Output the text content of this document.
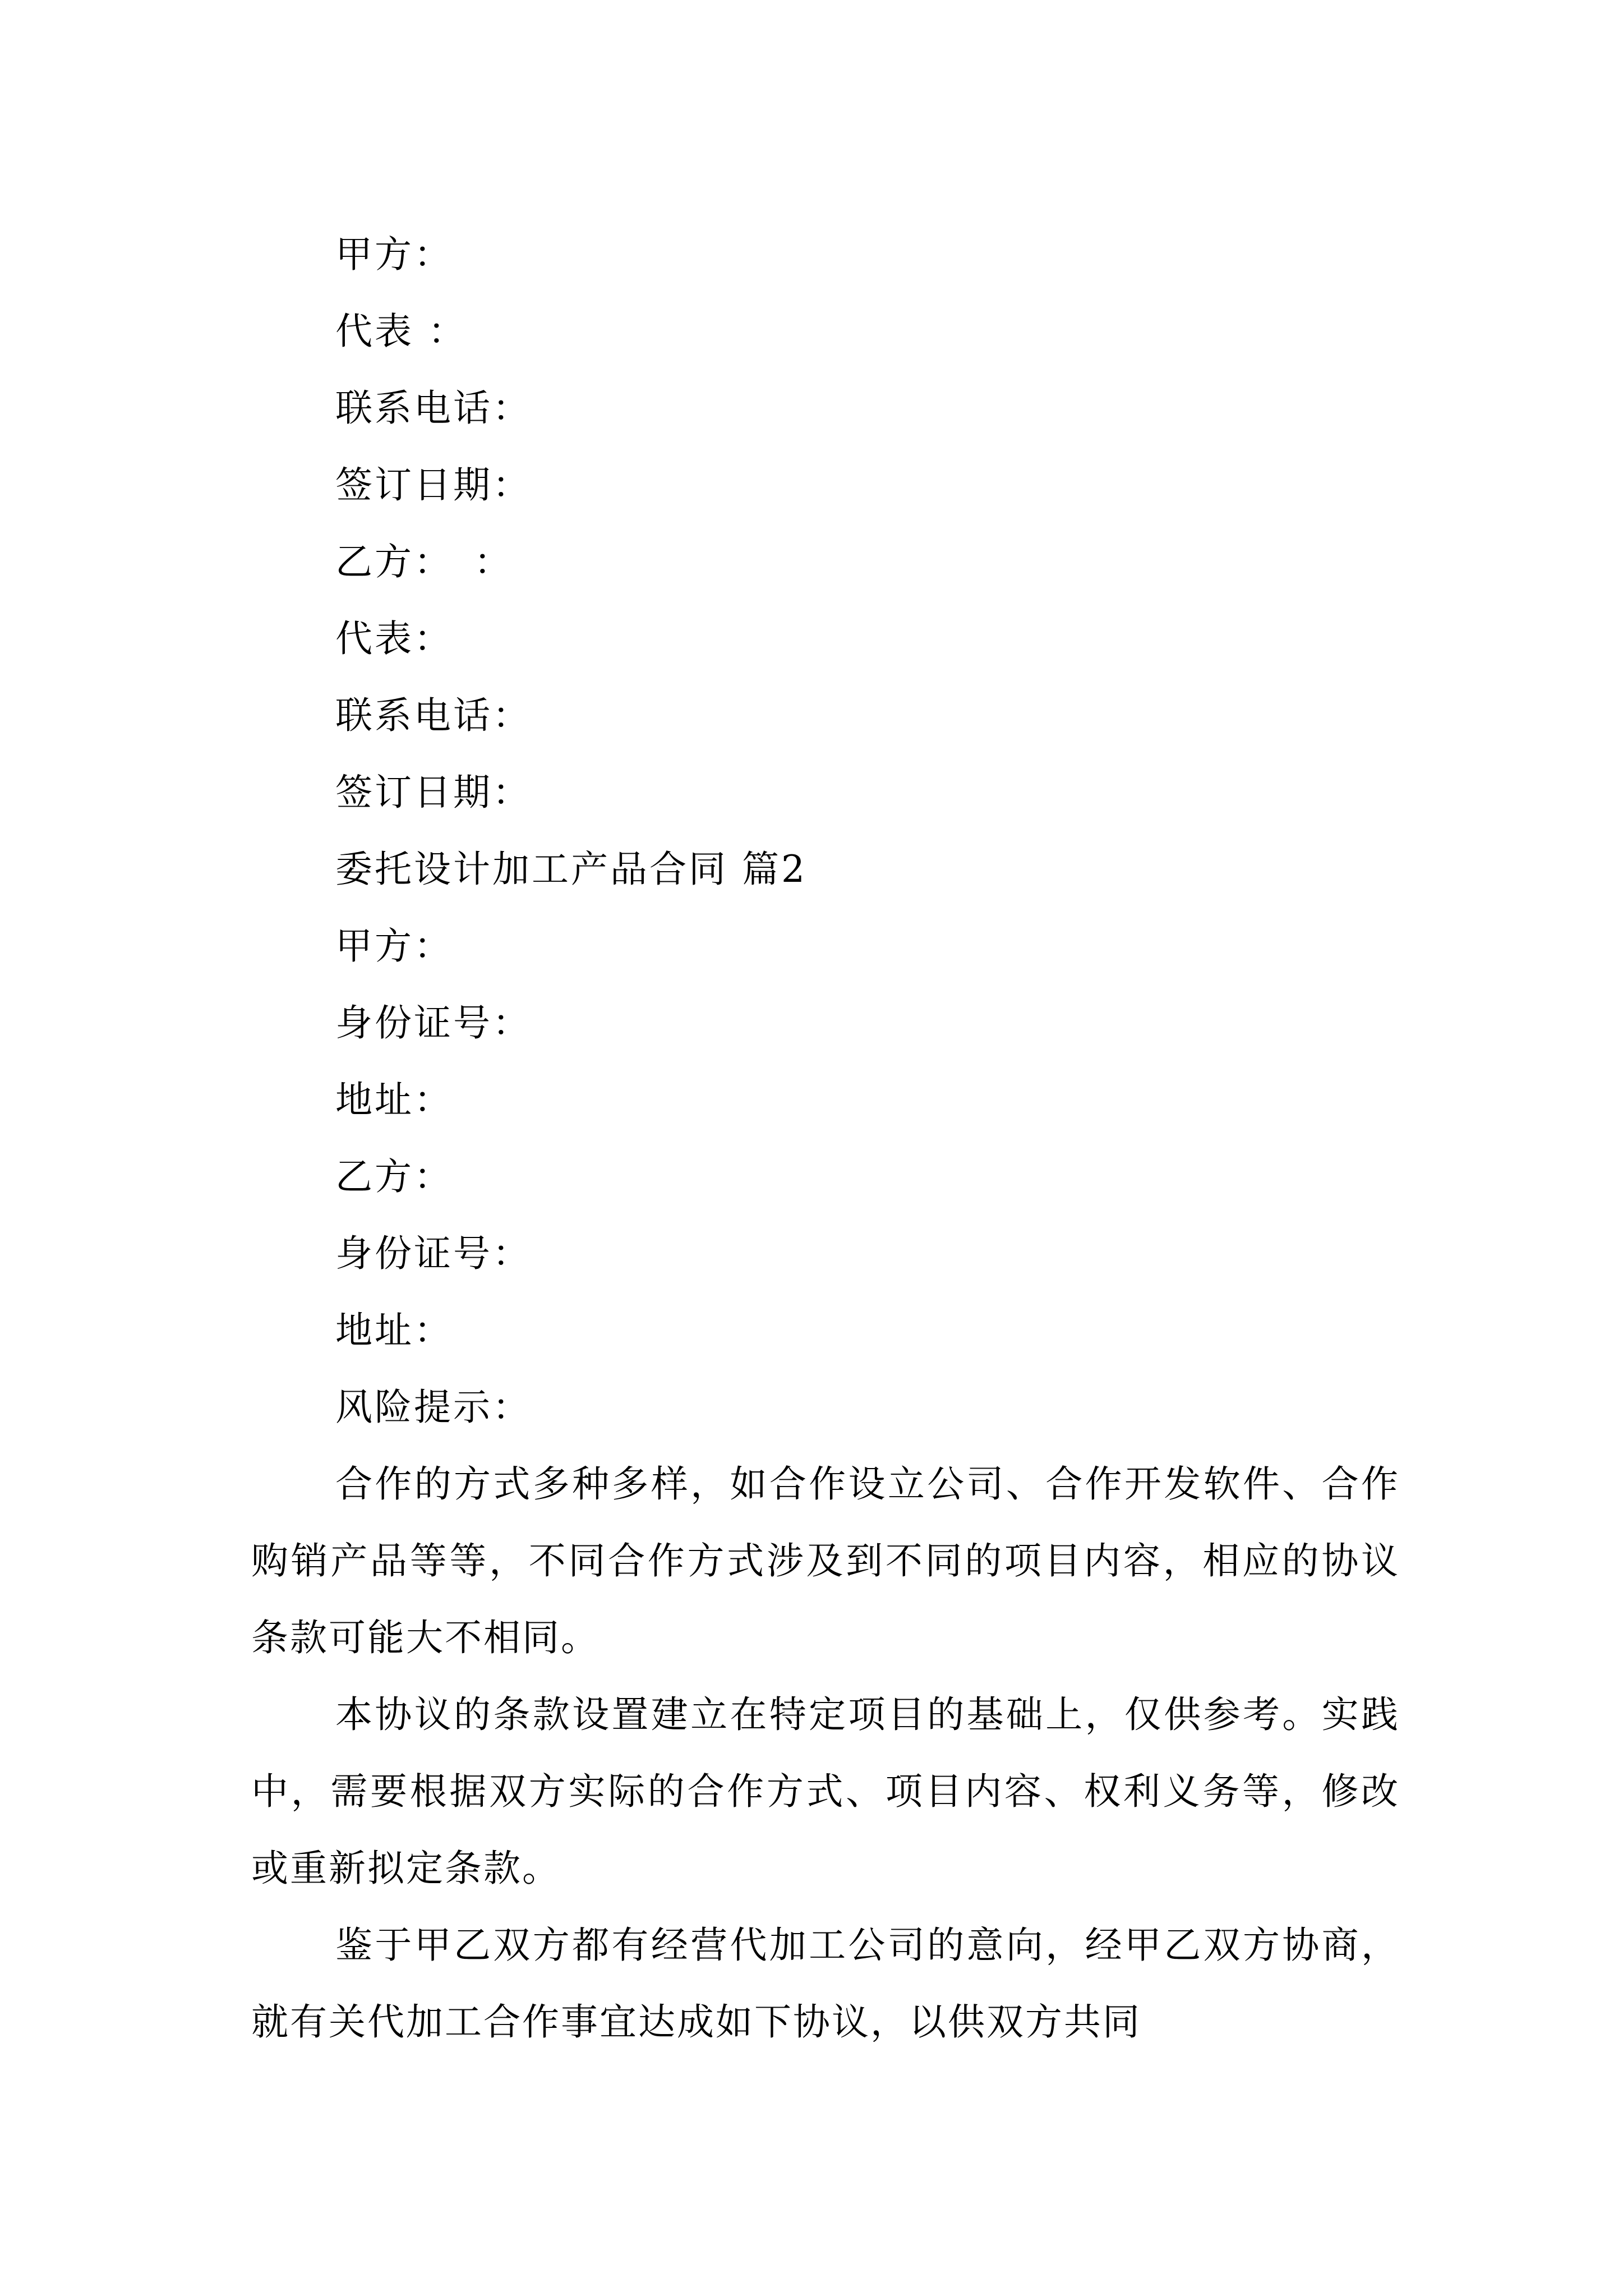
甲方：
代表 ：
联系电话：
签订日期：
乙方：　：
代表：
联系电话：
签订日期：
委托设计加工产品合同 篇2
甲方：
身份证号：
地址：
乙方：
身份证号：
地址：
风险提示：
合作的方式多种多样，如合作设立公司、合作开发软件、合作购销产品等等，不同合作方式涉及到不同的项目内容，相应的协议条款可能大不相同。
本协议的条款设置建立在特定项目的基础上，仅供参考。实践中，需要根据双方实际的合作方式、项目内容、权利义务等，修改或重新拟定条款。
鉴于甲乙双方都有经营代加工公司的意向，经甲乙双方协商，就有关代加工合作事宜达成如下协议，以供双方共同
